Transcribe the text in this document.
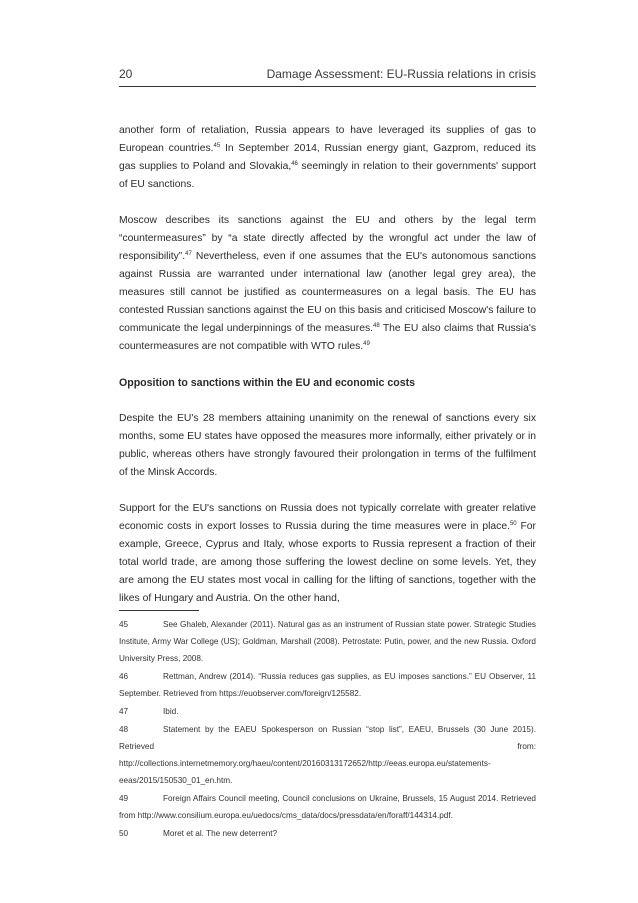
20	Damage Assessment: EU-Russia relations in crisis

another form of retaliation, Russia appears to have leveraged its supplies of gas to European countries.$^{45}$ In September 2014, Russian energy giant, Gazprom, reduced its gas supplies to Poland and Slovakia,$^{46}$ seemingly in relation to their governments' support of EU sanctions.

Moscow describes its sanctions against the EU and others by the legal term “countermeasures” by “a state directly affected by the wrongful act under the law of responsibility”.$^{47}$ Nevertheless, even if one assumes that the EU's autonomous sanctions against Russia are warranted under international law (another legal grey area), the measures still cannot be justified as countermeasures on a legal basis. The EU has contested Russian sanctions against the EU on this basis and criticised Moscow's failure to communicate the legal underpinnings of the measures.$^{48}$ The EU also claims that Russia's countermeasures are not compatible with WTO rules.$^{49}$

Opposition to sanctions within the EU and economic costs

Despite the EU's 28 members attaining unanimity on the renewal of sanctions every six months, some EU states have opposed the measures more informally, either privately or in public, whereas others have strongly favoured their prolongation in terms of the fulfilment of the Minsk Accords.

Support for the EU's sanctions on Russia does not typically correlate with greater relative economic costs in export losses to Russia during the time measures were in place.$^{50}$ For example, Greece, Cyprus and Italy, whose exports to Russia represent a fraction of their total world trade, are among those suffering the lowest decline on some levels. Yet, they are among the EU states most vocal in calling for the lifting of sanctions, together with the likes of Hungary and Austria. On the other hand,

45	See Ghaleb, Alexander (2011). Natural gas as an instrument of Russian state power. Strategic Studies Institute, Army War College (US); Goldman, Marshall (2008). Petrostate: Putin, power, and the new Russia. Oxford University Press, 2008.
46	Rettman, Andrew (2014). “Russia reduces gas supplies, as EU imposes sanctions.” EU Observer, 11 September. Retrieved from https://euobserver.com/foreign/125582.
47	Ibid.
48	Statement by the EAEU Spokesperson on Russian “stop list”, EAEU, Brussels (30 June 2015). Retrieved from: http://collections.internetmemory.org/haeu/content/20160313172652/http://eeas.europa.eu/statements-eeas/2015/150530_01_en.htm.
49	Foreign Affairs Council meeting, Council conclusions on Ukraine, Brussels, 15 August 2014. Retrieved from http://www.consilium.europa.eu/uedocs/cms_data/docs/pressdata/en/foraff/144314.pdf.
50	Moret et al. The new deterrent?
